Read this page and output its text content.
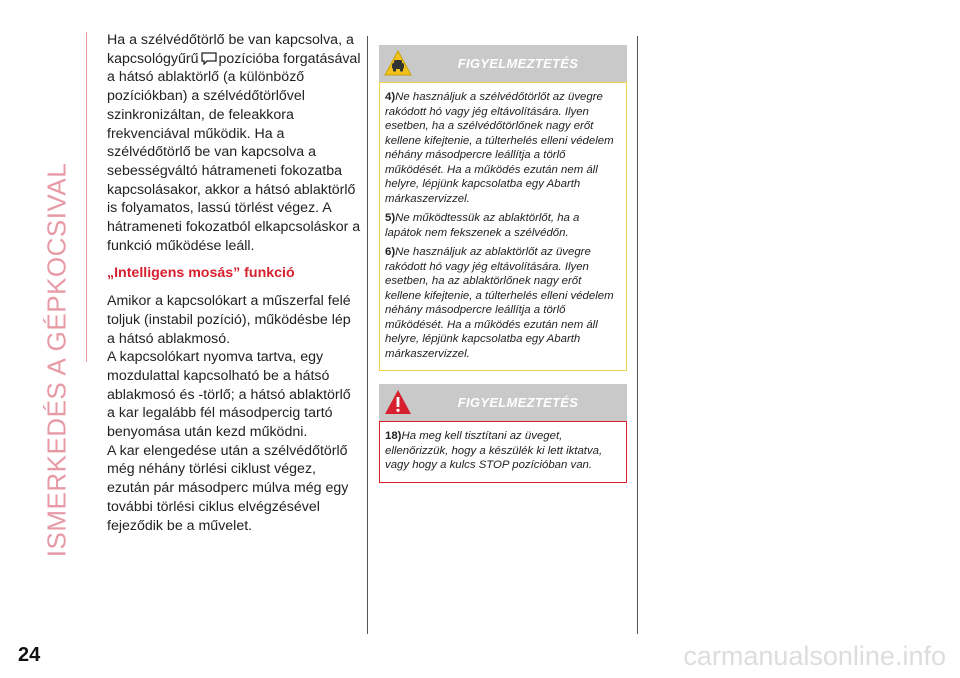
ISMERKEDÉS A GÉPKOCSIVAL

Ha a szélvédőtörlő be van kapcsolva, a kapcsológyűrű pozícióba forgatásával a hátsó ablaktörlő (a különböző pozíciókban) a szélvédőtörlővel szinkronizáltan, de feleakkora frekvenciával működik. Ha a szélvédőtörlő be van kapcsolva a sebességváltó hátrameneti fokozatba kapcsolásakor, akkor a hátsó ablaktörlő is folyamatos, lassú törlést végez. A hátrameneti fokozatból elkapcsoláskor a funkció működése leáll.

„Intelligens mosás” funkció

Amikor a kapcsolókart a műszerfal felé toljuk (instabil pozíció), működésbe lép a hátsó ablakmosó.

A kapcsolókart nyomva tartva, egy mozdulattal kapcsolható be a hátsó ablakmosó és -törlő; a hátsó ablaktörlő a kar legalább fél másodpercig tartó benyomása után kezd működni.

A kar elengedése után a szélvédőtörlő még néhány törlési ciklust végez, ezután pár másodperc múlva még egy további törlési ciklus elvégzésével fejeződik be a művelet.

FIGYELMEZTETÉS

4)Ne használjuk a szélvédőtörlőt az üvegre rakódott hó vagy jég eltávolítására. Ilyen esetben, ha a szélvédőtörlőnek nagy erőt kellene kifejtenie, a túlterhelés elleni védelem néhány másodpercre leállítja a törlő működését. Ha a működés ezután nem áll helyre, lépjünk kapcsolatba egy Abarth márkaszervizzel.

5)Ne működtessük az ablaktörlőt, ha a lapátok nem fekszenek a szélvédőn.

6)Ne használjuk az ablaktörlőt az üvegre rakódott hó vagy jég eltávolítására. Ilyen esetben, ha az ablaktörlőnek nagy erőt kellene kifejtenie, a túlterhelés elleni védelem néhány másodpercre leállítja a törlő működését. Ha a működés ezután nem áll helyre, lépjünk kapcsolatba egy Abarth márkaszervizzel.

FIGYELMEZTETÉS

18)Ha meg kell tisztítani az üveget, ellenőrizzük, hogy a készülék ki lett iktatva, vagy hogy a kulcs STOP pozícióban van.

24	carmanualsonline.info
